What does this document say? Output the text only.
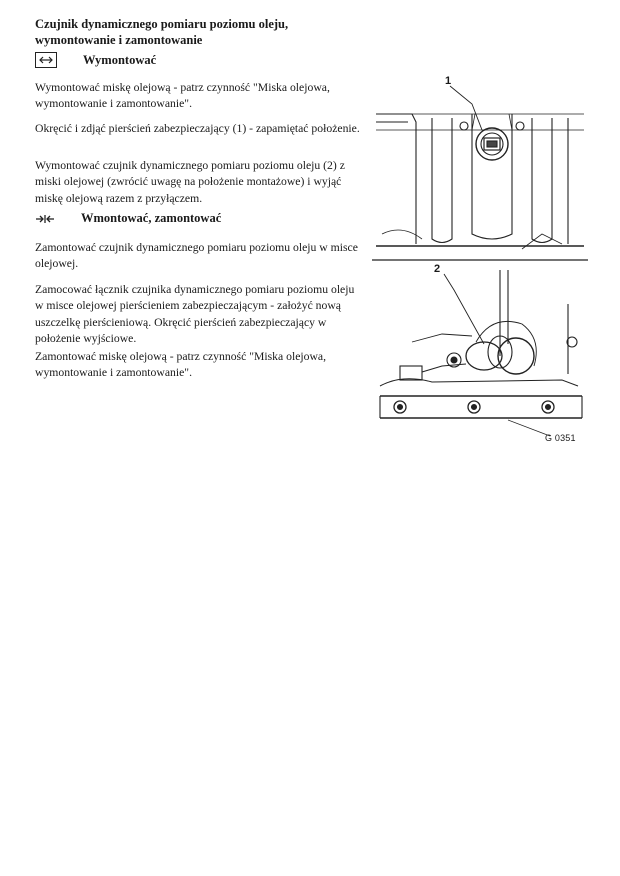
Czujnik dynamicznego pomiaru poziomu oleju,
wymontowanie i zamontowanie
Wymontować

Wymontować miskę olejową - patrz czynność "Miska olejowa, wymontowanie i zamontowanie".

Okręcić i zdjąć pierścień zabezpieczający (1) - zapamiętać położenie.

Wymontować czujnik dynamicznego pomiaru poziomu oleju (2) z miski olejowej (zwrócić uwagę na położenie montażowe) i wyjąć miskę olejową razem z przyłączem.

Wmontować, zamontować

Zamontować czujnik dynamicznego pomiaru poziomu oleju w misce olejowej.

Zamocować łącznik czujnika dynamicznego pomiaru poziomu oleju w misce olejowej pierścieniem zabezpieczającym - założyć nową uszczelkę pierścieniową. Okręcić pierścień zabezpieczający w położenie wyjściowe.

Zamontować miskę olejową - patrz czynność "Miska olejowa, wymontowanie i zamontowanie".

1
2
G 0351
